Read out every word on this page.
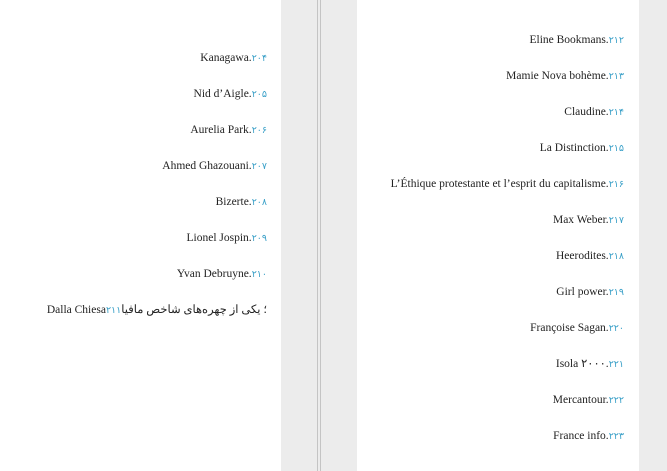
Kanagawa.۲۰۴
Nid d’Aigle.۲۰۵
Aurelia Park.۲۰۶
Ahmed Ghazouani.۲۰۷
Bizerte.۲۰۸
Lionel Jospin.۲۰۹
Yvan Debruyne.۲۱۰
Dalla Chiesa؛ یکی از چهره‌های شاخص مافیا۲۱۱
Eline Bookmans.۲۱۲
Mamie Nova bohème.۲۱۳
Claudine.۲۱۴
La Distinction.۲۱۵
L’Éthique protestante et l’esprit du capitalisme.۲۱۶
Max Weber.۲۱۷
Heerodites.۲۱۸
Girl power.۲۱۹
Françoise Sagan.۲۲۰
Isola ۲۰۰۰.۲۲۱
Mercantour.۲۲۲
France info.۲۲۳
